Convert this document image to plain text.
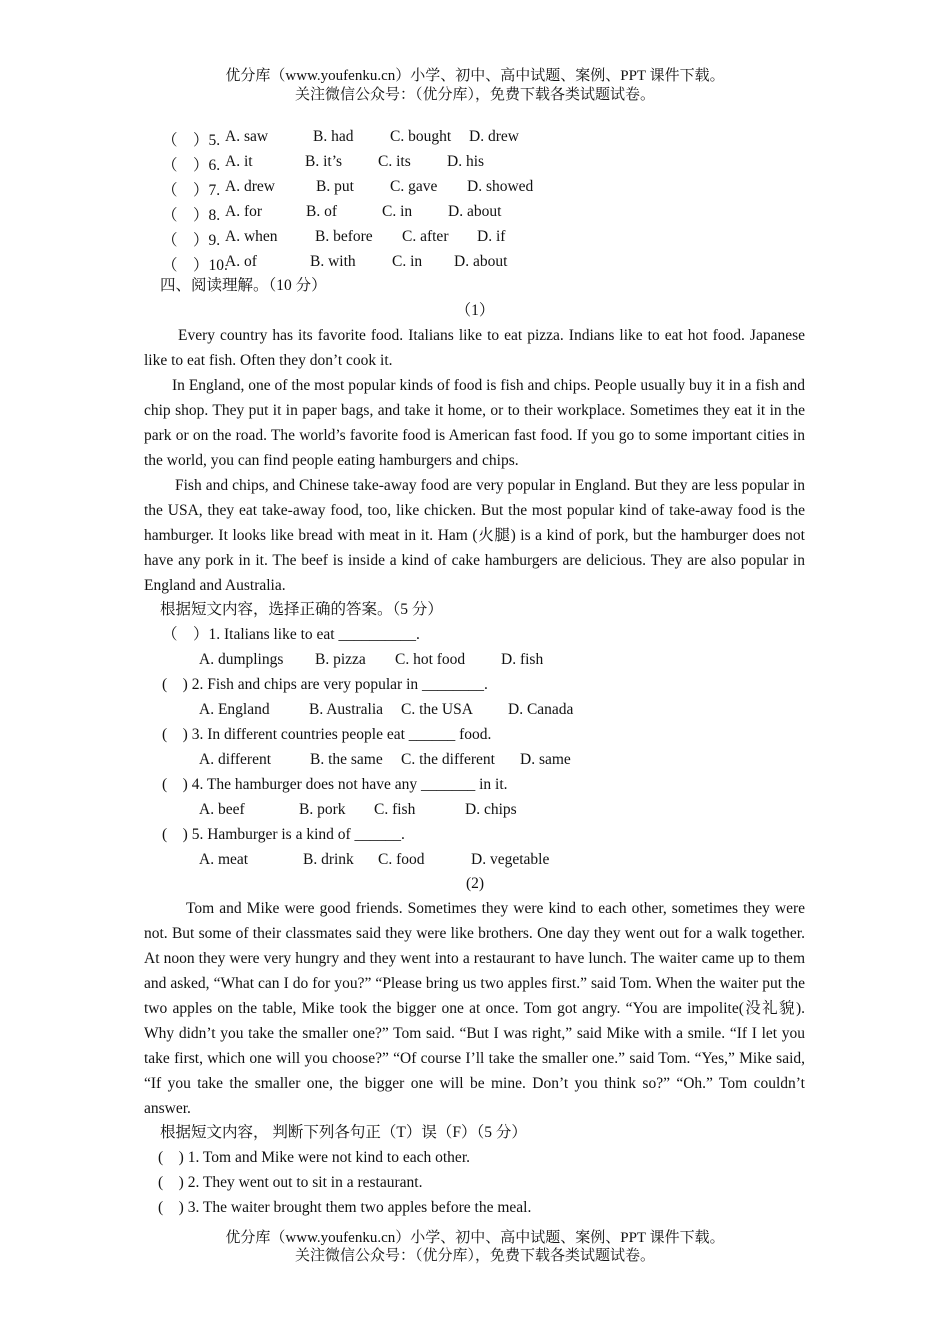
优分库（www.youfenku.cn）小学、初中、高中试题、案例、PPT 课件下载。
关注微信公众号：（优分库），免费下载各类试题试卷。
（　）5. A. saw	B. had C. bought D. drew
（　）6. A. it	B. it’s C. its D. his
（　）7. A. drew	B. put C. gave D. showed
（　）8. A. for	B. of	C. in D. about
（　）9. A. when B. before C. after D. if
（　）10.
A. of	B. with C. in D. about
四、阅读理解。（10 分）
（1）

Every country has its favorite food. Italians like to eat pizza. Indians like to eat hot food. Japanese like to eat fish. Often they don’t cook it.

In England, one of the most popular kinds of food is fish and chips. People usually buy it in a fish and chip shop. They put it in paper bags, and take it home, or to their workplace. Sometimes they eat it in the park or on the road. The world’s favorite food is American fast food. If you go to some important cities in the world, you can find people eating hamburgers and chips.

Fish and chips, and Chinese take-away food are very popular in England. But they are less popular in the USA, they eat take-away food, too, like chicken. But the most popular kind of take-away food is the hamburger. It looks like bread with meat in it. Ham (火腿) is a kind of pork, but the hamburger does not have any pork in it. The beef is inside a kind of cake hamburgers are delicious. They are also popular in England and Australia.

根据短文内容，选择正确的答案。（5 分）
（　）1. Italians like to eat __________.
A. dumplings B. pizza C. hot food D. fish
(　) 2. Fish and chips are very popular in ________.
A. England	B. Australia C. the USA D. Canada
(　) 3. In different countries people eat ______ food.
A. different	B. the same C. the different D. same
(　) 4. The hamburger does not have any _______ in it.
A. beef	B. pork C. fish	D. chips
(　) 5. Hamburger is a kind of ______.
A. meat	B. drink C. food	D. vegetable
(2)

Tom and Mike were good friends. Sometimes they were kind to each other, sometimes they were not. But some of their classmates said they were like brothers. One day they went out for a walk together. At noon they were very hungry and they went into a restaurant to have lunch. The waiter came up to them and asked, “What can I do for you?” “Please bring us two apples first.” said Tom. When the waiter put the two apples on the table, Mike took the bigger one at once. Tom got angry. “You are impolite(没礼貌). Why didn’t you take the smaller one?” Tom said. “But I was right,” said Mike with a smile. “If I let you take first, which one will you choose?” “Of course I’ll take the smaller one.” said Tom. “Yes,” Mike said, “If you take the smaller one, the bigger one will be mine. Don’t you think so?” “Oh.” Tom couldn’t answer.

根据短文内容， 判断下列各句正（T）误（F）（5 分）
(　) 1. Tom and Mike were not kind to each other.
(　) 2. They went out to sit in a restaurant.
(　) 3. The waiter brought them two apples before the meal.
优分库（www.youfenku.cn）小学、初中、高中试题、案例、PPT 课件下载。
关注微信公众号：（优分库），免费下载各类试题试卷。
